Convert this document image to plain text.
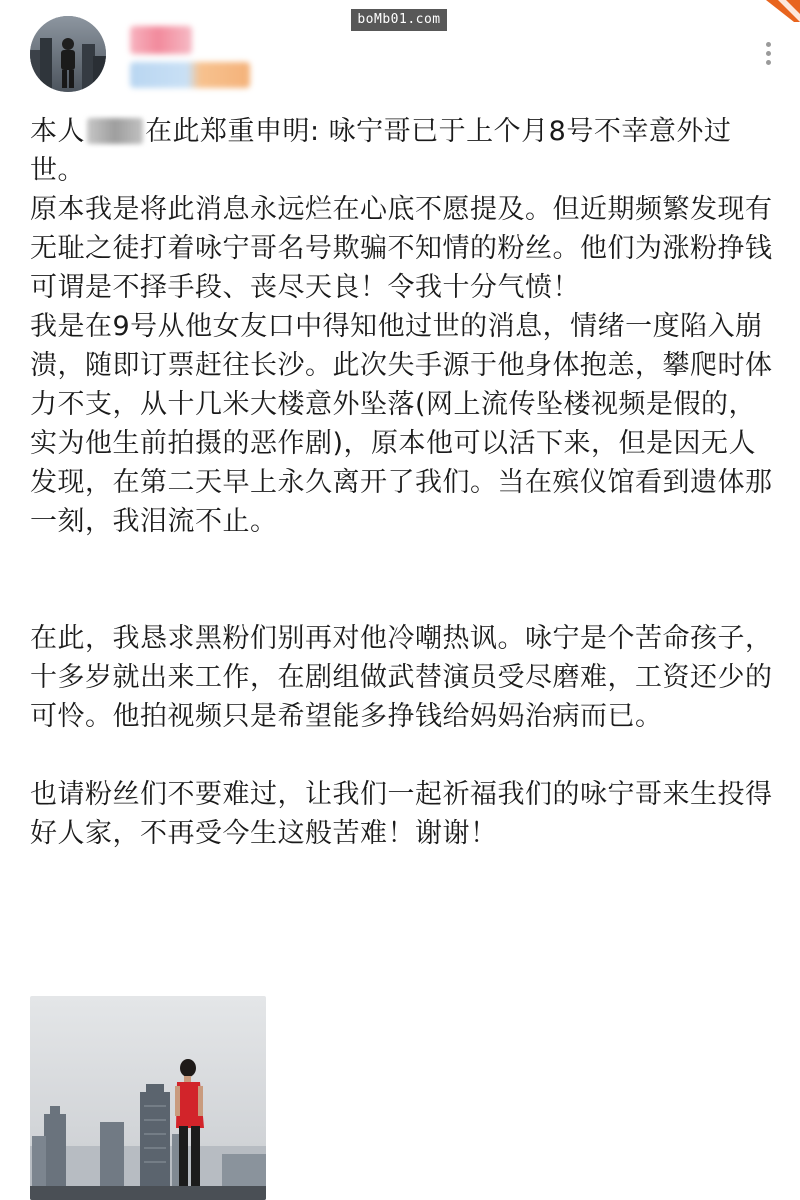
boMb01.com

本人 在此郑重申明: 咏宁哥已于上个月8号不幸意外过世。

原本我是将此消息永远烂在心底不愿提及。但近期频繁发现有无耻之徒打着咏宁哥名号欺骗不知情的粉丝。他们为涨粉挣钱可谓是不择手段、丧尽天良！令我十分气愤！

我是在9号从他女友口中得知他过世的消息，情绪一度陷入崩溃，随即订票赶往长沙。此次失手源于他身体抱恙，攀爬时体力不支，从十几米大楼意外坠落(网上流传坠楼视频是假的，实为他生前拍摄的恶作剧)，原本他可以活下来，但是因无人发现，在第二天早上永久离开了我们。当在殡仪馆看到遗体那一刻，我泪流不止。

在此，我恳求黑粉们别再对他冷嘲热讽。咏宁是个苦命孩子，十多岁就出来工作，在剧组做武替演员受尽磨难，工资还少的可怜。他拍视频只是希望能多挣钱给妈妈治病而已。

也请粉丝们不要难过，让我们一起祈福我们的咏宁哥来生投得好人家，不再受今生这般苦难！谢谢！
